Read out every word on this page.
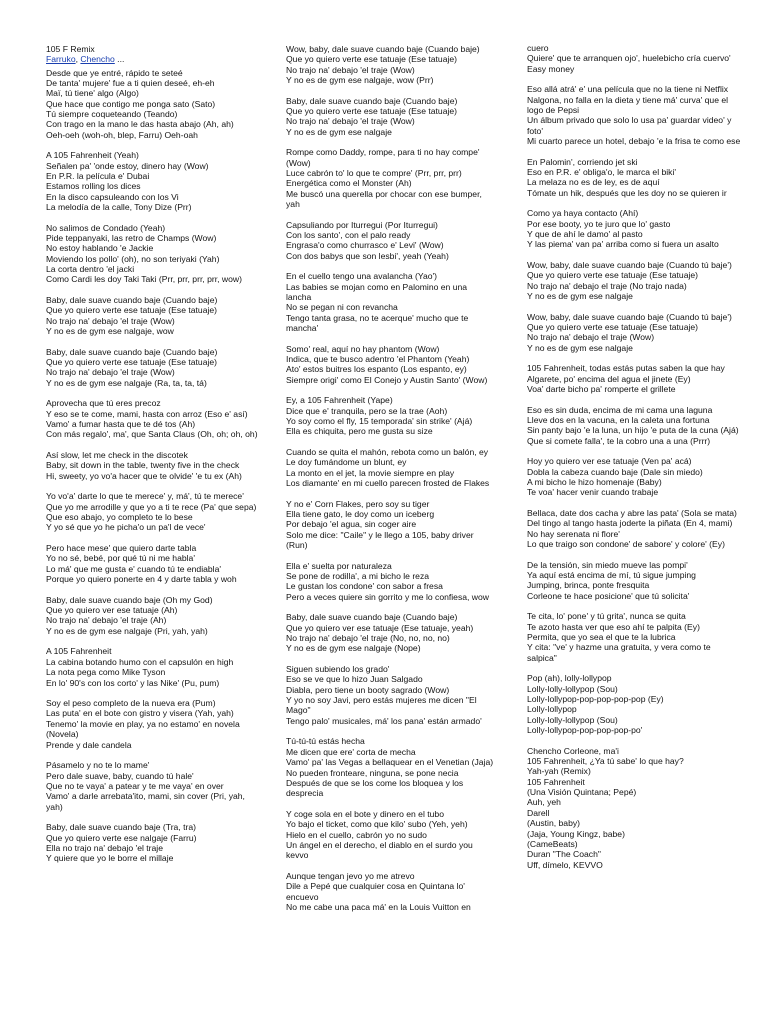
105 F Remix

Farruko, Chencho ...

Desde que ye entré, rápido te seteé

De tanta' mujere' fue a ti quien deseé, eh-eh

Maï, tú tiene' algo (Algo)

Que hace que contigo me ponga sato (Sato)

Tú siempre coqueteando (Teando)

Con trago en la mano le das hasta abajo (Ah, ah)

Oeh-oeh (woh-oh, blep, Farru) Oeh-oah

A 105 Fahrenheit (Yeah)

Señalen pa' 'onde estoy, dinero hay (Wow)

En P.R. la película e' Dubai

Estamos rolling los dices

En la disco capsuleando con los Vi

La melodía de la calle, Tony Dize (Prr)

No salimos de Condado (Yeah)

Pide teppanyaki, las retro de Champs (Wow)

No estoy hablando 'e Jackie

Moviendo los pollo' (oh), no son teriyaki (Yah)

La corta dentro 'el jacki

Como Cardi les doy Taki Taki (Prr, prr, prr, prr, wow)

Baby, dale suave cuando baje (Cuando baje)

Que yo quiero verte ese tatuaje (Ese tatuaje)

No trajo na' debajo 'el traje (Wow)

Y no es de gym ese nalgaje, wow

Baby, dale suave cuando baje (Cuando baje)

Que yo quiero verte ese tatuaje (Ese tatuaje)

No trajo na' debajo 'el traje (Wow)

Y no es de gym ese nalgaje (Ra, ta, ta, tá)

Aprovecha que tú eres precoz

Y eso se te come, mami, hasta con arroz (Eso e' así)

Vamo' a fumar hasta que te dé tos (Ah)

Con más regalo', ma', que Santa Claus (Oh, oh; oh, oh)

Así slow, let me check in the discotek

Baby, sit down in the table, twenty five in the check

Hi, sweety, yo vo'a hacer que te olvide' 'e tu ex (Ah)

Yo vo'a' darte lo que te merece' y, má', tú te merece'

Que yo me arrodille y que yo a ti te rece (Pa' que sepa)

Que eso abajo, yo completo te lo bese

Y yo sé que yo he picha'o un pa'l de vece'

Pero hace mese' que quiero darte tabla

Yo no sé, bebé, por qué tú ni me habla'

Lo má' que me gusta e' cuando tú te endiabla'

Porque yo quiero ponerte en 4 y darte tabla y woh

Baby, dale suave cuando baje (Oh my God)

Que yo quiero ver ese tatuaje (Ah)

No trajo na' debajo 'el traje (Ah)

Y no es de gym ese nalgaje (Pri, yah, yah)

A 105 Fahrenheit

La cabina botando humo con el capsulón en high

La nota pega como Mike Tyson

En lo' 90's con los corto' y las Nike' (Pu, pum)

Soy el peso completo de la nueva era (Pum)

Las puta' en el bote con gistro y visera (Yah, yah)

Tenemo' la movie en play, ya no estamo' en novela (Novela)

Prende y dale candela

Pásamelo y no te lo mame'

Pero dale suave, baby, cuando tú hale'

Que no te vaya' a patear y te me vaya' en over

Vamo' a darle arrebata'ito, mami, sin cover (Pri, yah, yah)

Baby, dale suave cuando baje (Tra, tra)

Que yo quiero verte ese nalgaje (Farru)

Ella no trajo na' debajo 'el traje

Y quiere que yo le borre el millaje

Wow, baby, dale suave cuando baje (Cuando baje)

Que yo quiero verte ese tatuaje (Ese tatuaje)

No trajo na' debajo 'el traje (Wow)

Y no es de gym ese nalgaje, wow (Prr)

Baby, dale suave cuando baje (Cuando baje)

Que yo quiero verte ese tatuaje (Ese tatuaje)

No trajo na' debajo 'el traje (Wow)

Y no es de gym ese nalgaje

Rompe como Daddy, rompe, para ti no hay compe' (Wow)

Luce cabrón to' lo que te compre' (Prr, prr, prr)

Energética como el Monster (Ah)

Me buscó una querella por chocar con ese bumper, yah

Capsuliando por Iturregui (Por Iturregui)

Con los santo', con el palo ready

Engrasa'o como churrasco e' Levi' (Wow)

Con dos babys que son lesbi', yeah (Yeah)

En el cuello tengo una avalancha (Yao')

Las babies se mojan como en Palomino en una lancha

No se pegan ni con revancha

Tengo tanta grasa, no te acerque' mucho que te mancha'

Somo' real, aquí no hay phantom (Wow)

Indica, que te busco adentro 'el Phantom (Yeah)

Ato' estos buitres los espanto (Los espanto, ey)

Siempre origi' como El Conejo y Austin Santo' (Wow)

Ey, a 105 Fahrenheit (Yape)

Dice que e' tranquila, pero se la trae (Aoh)

Yo soy como el fly, 15 temporada' sin strike' (Ajá)

Ella es chiquita, pero me gusta su size

Cuando se quita el mahón, rebota como un balón, ey

Le doy fumándome un blunt, ey

La monto en el jet, la movie siempre en play

Los diamante' en mi cuello parecen frosted de Flakes

Y no e' Corn Flakes, pero soy su tiger

Ella tiene gato, le doy como un iceberg

Por debajo 'el agua, sin coger aire

Solo me dice: "Caile" y le llego a 105, baby driver (Run)

Ella e' suelta por naturaleza

Se pone de rodilla', a mi bicho le reza

Le gustan los condone' con sabor a fresa

Pero a veces quiere sin gorrito y me lo confiesa, wow

Baby, dale suave cuando baje (Cuando baje)

Que yo quiero ver ese tatuaje (Ese tatuaje, yeah)

No trajo na' debajo 'el traje (No, no, no, no)

Y no es de gym ese nalgaje (Nope)

Siguen subiendo los grado'

Eso se ve que lo hizo Juan Salgado

Diabla, pero tiene un booty sagrado (Wow)

Y yo no soy Javi, pero estás mujeres me dicen "El Mago"

Tengo palo' musicales, má' los pana' están armado'

Tú-tú-tú estás hecha

Me dicen que ere' corta de mecha

Vamo' pa' las Vegas a bellaquear en el Venetian (Jaja)

No pueden fronteare, ninguna, se pone necia

Después de que se los come los bloquea y los desprecia

Y coge sola en el bote y dinero en el tubo

Yo bajo el ticket, como que kilo' subo (Yeh, yeh)

Hielo en el cuello, cabrón yo no sudo

Un ángel en el derecho, el diablo en el surdo you kevvo

Aunque tengan jevo yo me atrevo

Dile a Pepé que cualquier cosa en Quintana lo' encuevo

No me cabe una paca má' en la Louis Vuitton en

cuero

Quiere' que te arranquen ojo', huelebicho cría cuervo'

Easy money

Eso allá atrá' e' una película que no la tiene ni Netflix

Nalgona, no falla en la dieta y tiene má' curva' que el logo de Pepsi

Un álbum privado que solo lo usa pa' guardar video' y foto'

Mi cuarto parece un hotel, debajo 'e la frisa te como ese

En Palomin', corriendo jet ski

Eso en P.R. e' obliga'o, le marca el biki'

La melaza no es de ley, es de aquí

Tómate un hik, después que les doy no se quieren ir

Como ya haya contacto (Ahí)

Por ese booty, yo te juro que lo' gasto

Y que de ahí le damo' al pasto

Y las piema' van pa' arriba como si fuera un asalto

Wow, baby, dale suave cuando baje (Cuando tú baje')

Que yo quiero verte ese tatuaje (Ese tatuaje)

No trajo na' debajo el traje (No trajo nada)

Y no es de gym ese nalgaje

Wow, baby, dale suave cuando baje (Cuando tú baje')

Que yo quiero verte ese tatuaje (Ese tatuaje)

No trajo na' debajo el traje (Wow)

Y no es de gym ese nalgaje

105 Fahrenheit, todas estás putas saben la que hay

Algarete, po' encima del agua el jinete (Ey)

Voa' darte bicho pa' romperte el grillete

Eso es sin duda, encima de mi cama una laguna

Lleve dos en la vacuna, en la caleta una fortuna

Sin panty bajo 'e la luna, un hijo 'e puta de la cuna (Ajá)

Que si comete falla', te la cobro una a una (Prrr)

Hoy yo quiero ver ese tatuaje (Ven pa' acá)

Dobla la cabeza cuando baje (Dale sin miedo)

A mi bicho le hizo homenaje (Baby)

Te voa' hacer venir cuando trabaje

Bellaca, date dos cacha y abre las pata' (Sola se mata)

Del tingo al tango hasta joderte la piñata (En 4, mami)

No hay serenata ni flore'

Lo que traigo son condone' de sabore' y colore' (Ey)

De la tensión, sin miedo mueve las pompi'

Ya aquí está encima de mí, tú sigue jumping

Jumping, brinca, ponte fresquita

Corleone te hace posicione' que tú solicita'

Te cita, lo' pone' y tú grita', nunca se quita

Te azoto hasta ver que eso ahí te palpita (Ey)

Permita, que yo sea el que te la lubrica

Y cita: "ve' y hazme una gratuita, y vera como te salpica"

Pop (ah), lolly-lollypop

Lolly-lolly-lollypop (Sou)

Lolly-lollypop-pop-pop-pop-pop (Ey)

Lolly-lollypop

Lolly-lolly-lollypop (Sou)

Lolly-lollypop-pop-pop-pop-po'

Chencho Corleone, ma'i

105 Fahrenheit, ¿Ya tú sabe' lo que hay?

Yah-yah (Remix)

105 Fahrenheit

(Una Visión Quintana; Pepé)

Auh, yeh

Darell

(Austin, baby)

(Jaja, Young Kingz, babe)

(CameBeats)

Duran "The Coach"

Uff, dímelo, KEVVO
